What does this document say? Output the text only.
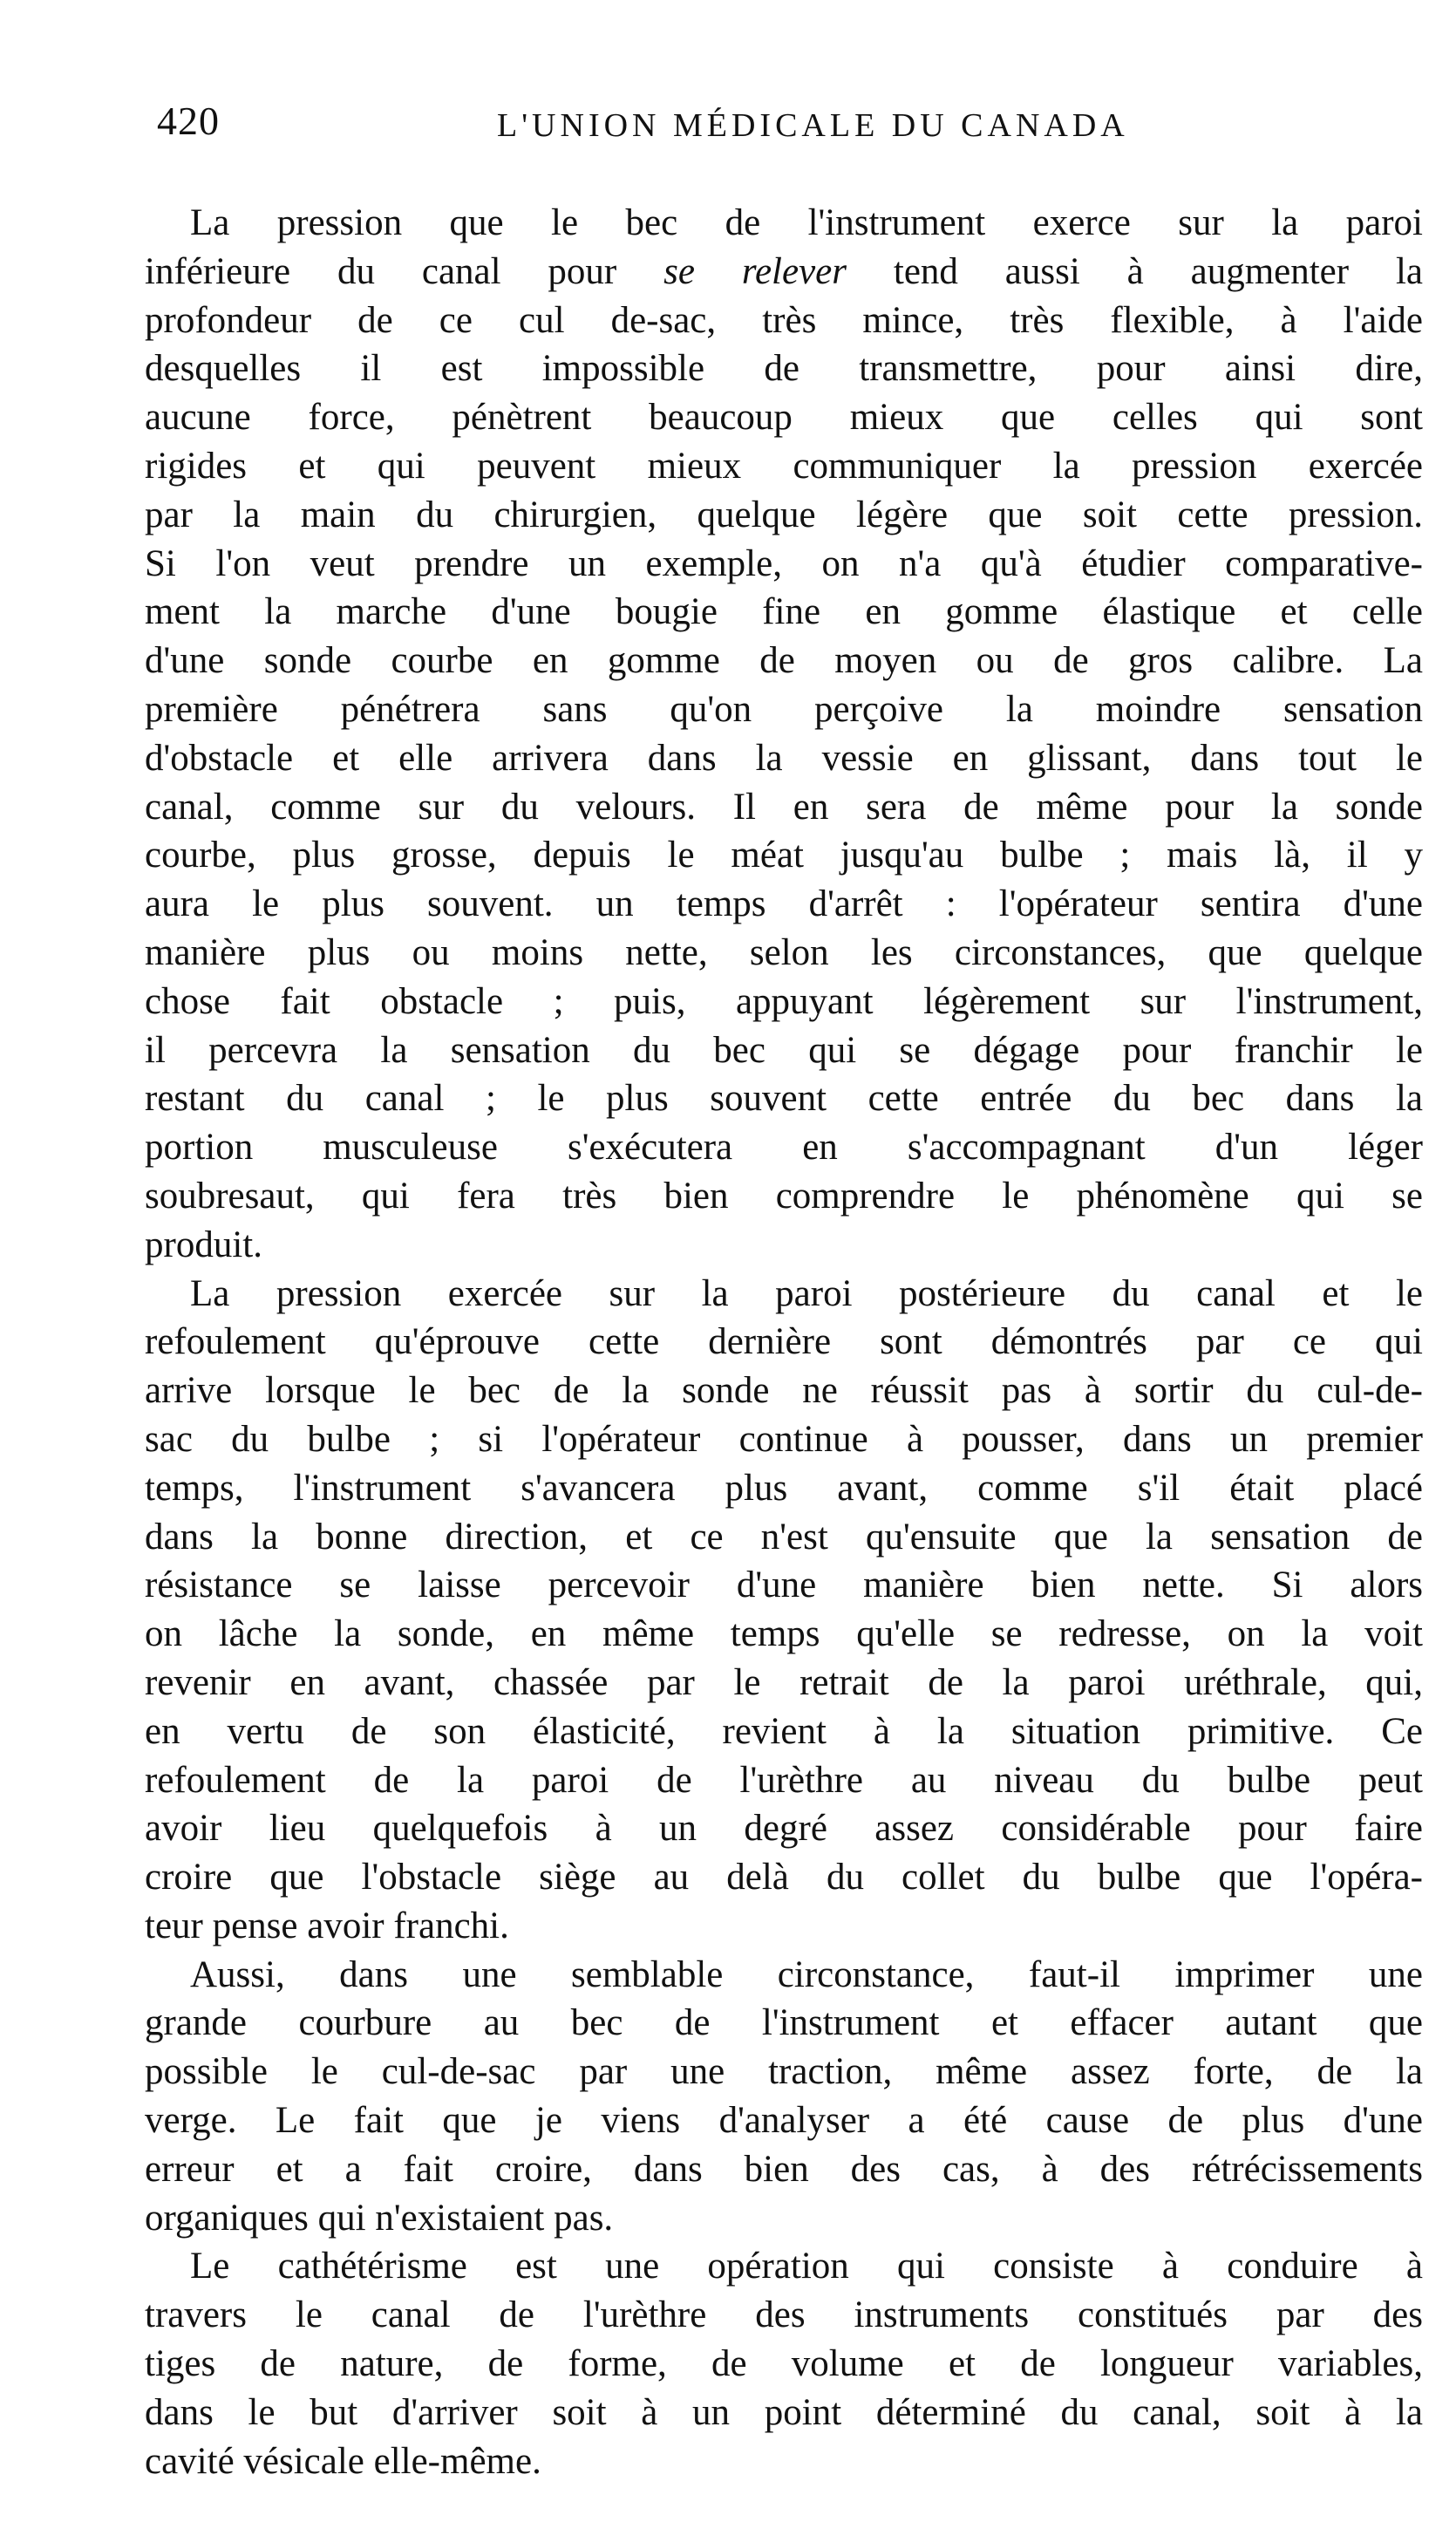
420	L'UNION MÉDICALE DU CANADA
La pression que le bec de l'instrument exerce sur la paroi
inférieure du canal pour se relever tend aussi à augmenter la
profondeur de ce cul de-sac, très mince, très flexible, à l'aide
desquelles il est impossible de transmettre, pour ainsi dire,
aucune force, pénètrent beaucoup mieux que celles qui sont
rigides et qui peuvent mieux communiquer la pression exercée
par la main du chirurgien, quelque légère que soit cette pression.
Si l'on veut prendre un exemple, on n'a qu'à étudier comparative-
ment la marche d'une bougie fine en gomme élastique et celle
d'une sonde courbe en gomme de moyen ou de gros calibre. La
première pénétrera sans qu'on perçoive la moindre sensation
d'obstacle et elle arrivera dans la vessie en glissant, dans tout le
canal, comme sur du velours. Il en sera de même pour la sonde
courbe, plus grosse, depuis le méat jusqu'au bulbe ; mais là, il y
aura le plus souvent. un temps d'arrêt : l'opérateur sentira d'une
manière plus ou moins nette, selon les circonstances, que quelque
chose fait obstacle ; puis, appuyant légèrement sur l'instrument,
il percevra la sensation du bec qui se dégage pour franchir le
restant du canal ; le plus souvent cette entrée du bec dans la
portion musculeuse s'exécutera en s'accompagnant d'un léger
soubresaut, qui fera très bien comprendre le phénomène qui se
produit.
La pression exercée sur la paroi postérieure du canal et le
refoulement qu'éprouve cette dernière sont démontrés par ce qui
arrive lorsque le bec de la sonde ne réussit pas à sortir du cul-de-
sac du bulbe ; si l'opérateur continue à pousser, dans un premier
temps, l'instrument s'avancera plus avant, comme s'il était placé
dans la bonne direction, et ce n'est qu'ensuite que la sensation de
résistance se laisse percevoir d'une manière bien nette. Si alors
on lâche la sonde, en même temps qu'elle se redresse, on la voit
revenir en avant, chassée par le retrait de la paroi uréthrale, qui,
en vertu de son élasticité, revient à la situation primitive. Ce
refoulement de la paroi de l'urèthre au niveau du bulbe peut
avoir lieu quelquefois à un degré assez considérable pour faire
croire que l'obstacle siège au delà du collet du bulbe que l'opéra-
teur pense avoir franchi.
Aussi, dans une semblable circonstance, faut-il imprimer une
grande courbure au bec de l'instrument et effacer autant que
possible le cul-de-sac par une traction, même assez forte, de la
verge. Le fait que je viens d'analyser a été cause de plus d'une
erreur et a fait croire, dans bien des cas, à des rétrécissements
organiques qui n'existaient pas.
Le cathétérisme est une opération qui consiste à conduire à
travers le canal de l'urèthre des instruments constitués par des
tiges de nature, de forme, de volume et de longueur variables,
dans le but d'arriver soit à un point déterminé du canal, soit à la
cavité vésicale elle-même.
